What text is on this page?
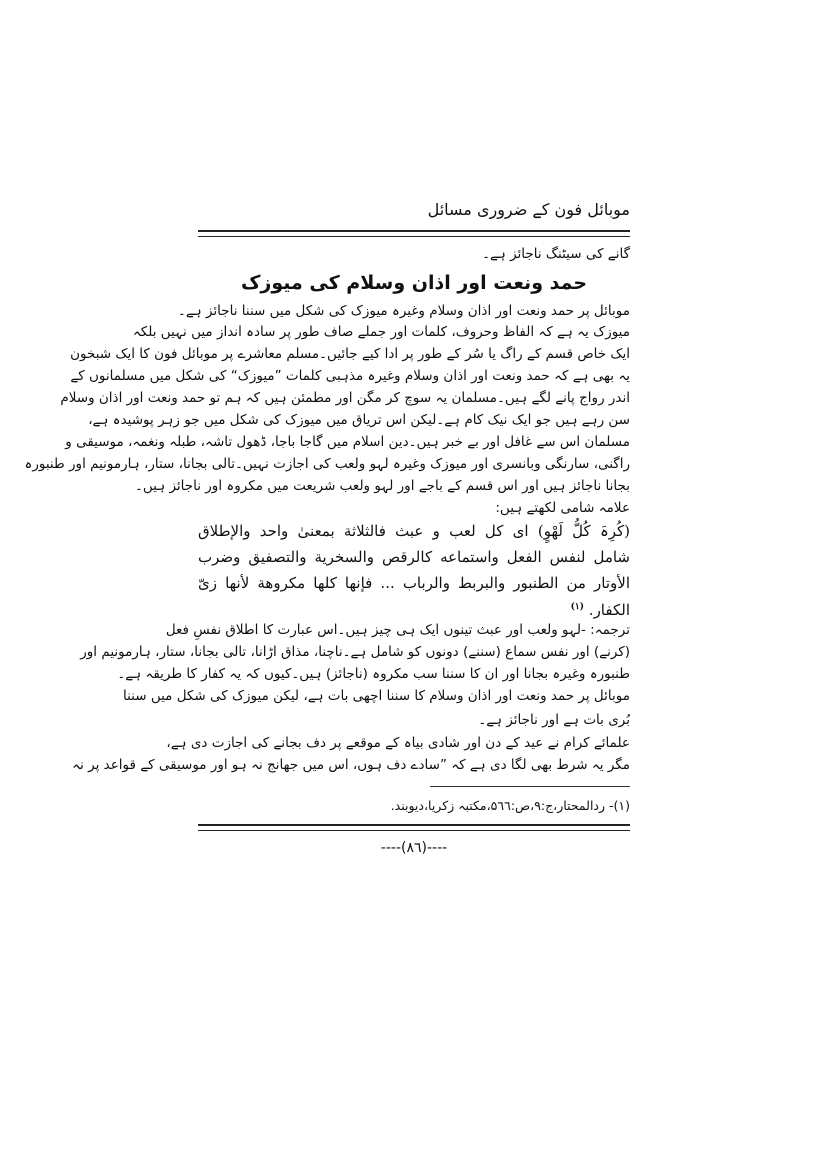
موبائل فون کے ضروری مسائل
گانے کی سیٹنگ ناجائز ہے۔
حمد ونعت اور اذان وسلام کی میوزک
موبائل پر حمد ونعت اور اذان وسلام وغیرہ میوزک کی شکل میں سننا ناجائز ہے۔
میوزک یہ ہے کہ الفاظ وحروف، کلمات اور جملے صاف طور پر سادہ انداز میں نہیں بلکہ
ایک خاص قسم کے راگ یا سُر کے طور پر ادا کیے جائیں۔مسلم معاشرے پر موبائل فون کا ایک شبخون
یہ بھی ہے کہ حمد ونعت اور اذان وسلام وغیرہ مذہبی کلمات ”میوزک“ کی شکل میں مسلمانوں کے
اندر رواج پانے لگے ہیں۔مسلمان یہ سوچ کر مگن اور مطمئن ہیں کہ ہم تو حمد ونعت اور اذان وسلام
سن رہے ہیں جو ایک نیک کام ہے۔لیکن اس تریاق میں میوزک کی شکل میں جو زہر پوشیدہ ہے،
مسلمان اس سے غافل اور بے خبر ہیں۔دین اسلام میں گاجا باجا، ڈھول تاشہ، طبلہ ونغمہ، موسیقی و
راگنی، سارنگی وبانسری اور میوزک وغیرہ لہو ولعب کی اجازت نہیں۔تالی بجانا، ستار، ہارمونیم اور طنبورہ
بجانا ناجائز ہیں اور اس قسم کے باجے اور لہو ولعب شریعت میں مکروہ اور ناجائز ہیں۔
علامہ شامی لکھتے ہیں:
(کُرِہَ کُلُّ لَھْوٍ) ای کل لعب و عبث فالثلاثة بمعنیٰ واحد والإطلاق
شامل لنفس الفعل واستماعه کالرقص والسخریة والتصفیق وضرب
الأوتار من الطنبور والبربط والرباب ... فإنها کلها مکروهة لأنها زیّ
الکفار. $^{(۱)}$
ترجمہ: -لہو ولعب اور عبث تینوں ایک ہی چیز ہیں۔اس عبارت کا اطلاق نفسِ فعل
(کرنے) اور نفس سماع (سننے) دونوں کو شامل ہے۔ناچنا، مذاق اڑانا، تالی بجانا، ستار، ہارمونیم اور
طنبورہ وغیرہ بجانا اور ان کا سننا سب مکروہ (ناجائز) ہیں۔کیوں کہ یہ کفار کا طریقہ ہے۔
موبائل پر حمد ونعت اور اذان وسلام کا سننا اچھی بات ہے، لیکن میوزک کی شکل میں سننا
بُری بات ہے اور ناجائز ہے۔
علمائے کرام نے عید کے دن اور شادی بیاہ کے موقعے پر دف بجانے کی اجازت دی ہے،
مگر یہ شرط بھی لگا دی ہے کہ ”سادے دف ہوں، اس میں جھانج نہ ہو اور موسیقی کے قواعد پر نہ
(۱)- ردالمحتار،ج:۹،ص:۵٦٦،مکتبہ زکریا،دیوبند.
----(۸٦)----
